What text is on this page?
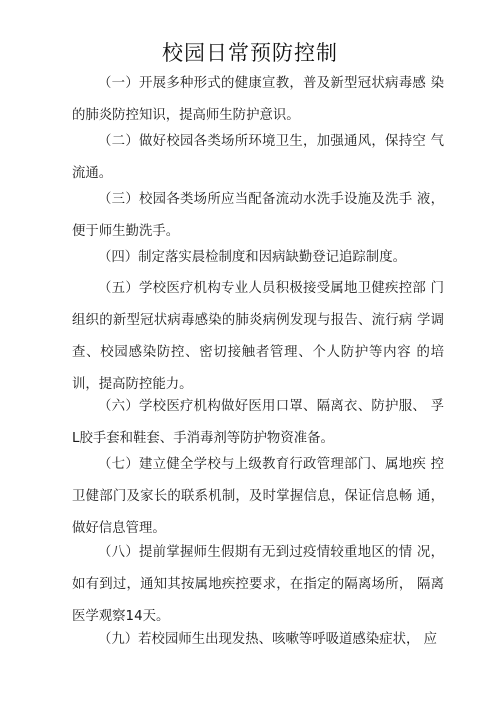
校园日常预防控制

（一）开展多种形式的健康宣教，普及新型冠状病毒感 染的肺炎防控知识，提高师生防护意识。

（二）做好校园各类场所环境卫生，加强通风，保持空 气流通。

（三）校园各类场所应当配备流动水洗手设施及洗手 液，便于师生勤洗手。

（四）制定落实晨检制度和因病缺勤登记追踪制度。

（五）学校医疗机构专业人员积极接受属地卫健疾控部 门组织的新型冠状病毒感染的肺炎病例发现与报告、流行病 学调查、校园感染防控、密切接触者管理、个人防护等内容 的培训，提高防控能力。

（六）学校医疗机构做好医用口罩、隔离衣、防护服、 孚L胶手套和鞋套、手消毒剂等防护物资准备。

（七）建立健全学校与上级教育行政管理部门、属地疾 控卫健部门及家长的联系机制，及时掌握信息，保证信息畅 通，做好信息管理。

（八）提前掌握师生假期有无到过疫情较重地区的情 况，如有到过，通知其按属地疾控要求，在指定的隔离场所， 隔离医学观察14天。

（九）若校园师生出现发热、咳嗽等呼吸道感染症状， 应
